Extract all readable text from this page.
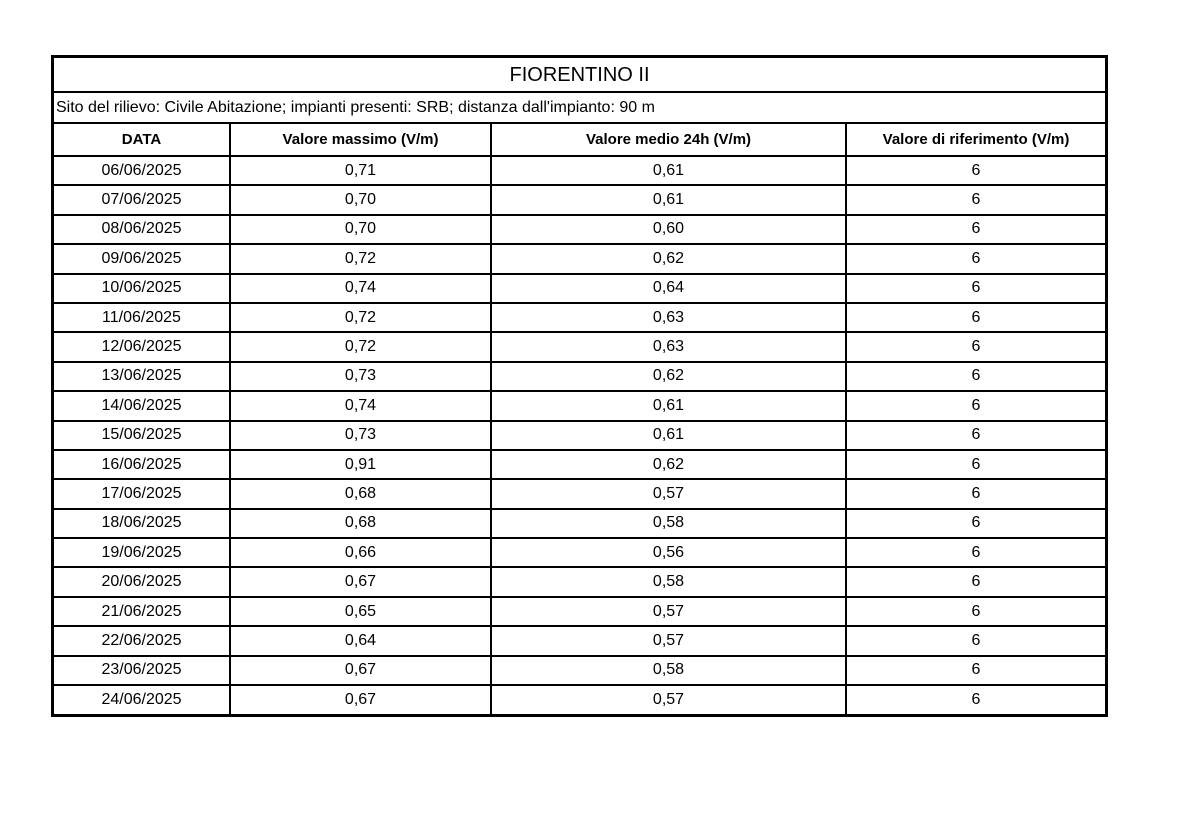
FIORENTINO II			
Sito del rilievo: Civile Abitazione; impianti presenti: SRB; distanza dall'impianto: 90 m			
DATA	Valore massimo (V/m)	Valore medio 24h (V/m)	Valore di riferimento (V/m)
06/06/2025	0,71	0,61	6
07/06/2025	0,70	0,61	6
08/06/2025	0,70	0,60	6
09/06/2025	0,72	0,62	6
10/06/2025	0,74	0,64	6
11/06/2025	0,72	0,63	6
12/06/2025	0,72	0,63	6
13/06/2025	0,73	0,62	6
14/06/2025	0,74	0,61	6
15/06/2025	0,73	0,61	6
16/06/2025	0,91	0,62	6
17/06/2025	0,68	0,57	6
18/06/2025	0,68	0,58	6
19/06/2025	0,66	0,56	6
20/06/2025	0,67	0,58	6
21/06/2025	0,65	0,57	6
22/06/2025	0,64	0,57	6
23/06/2025	0,67	0,58	6
24/06/2025	0,67	0,57	6
